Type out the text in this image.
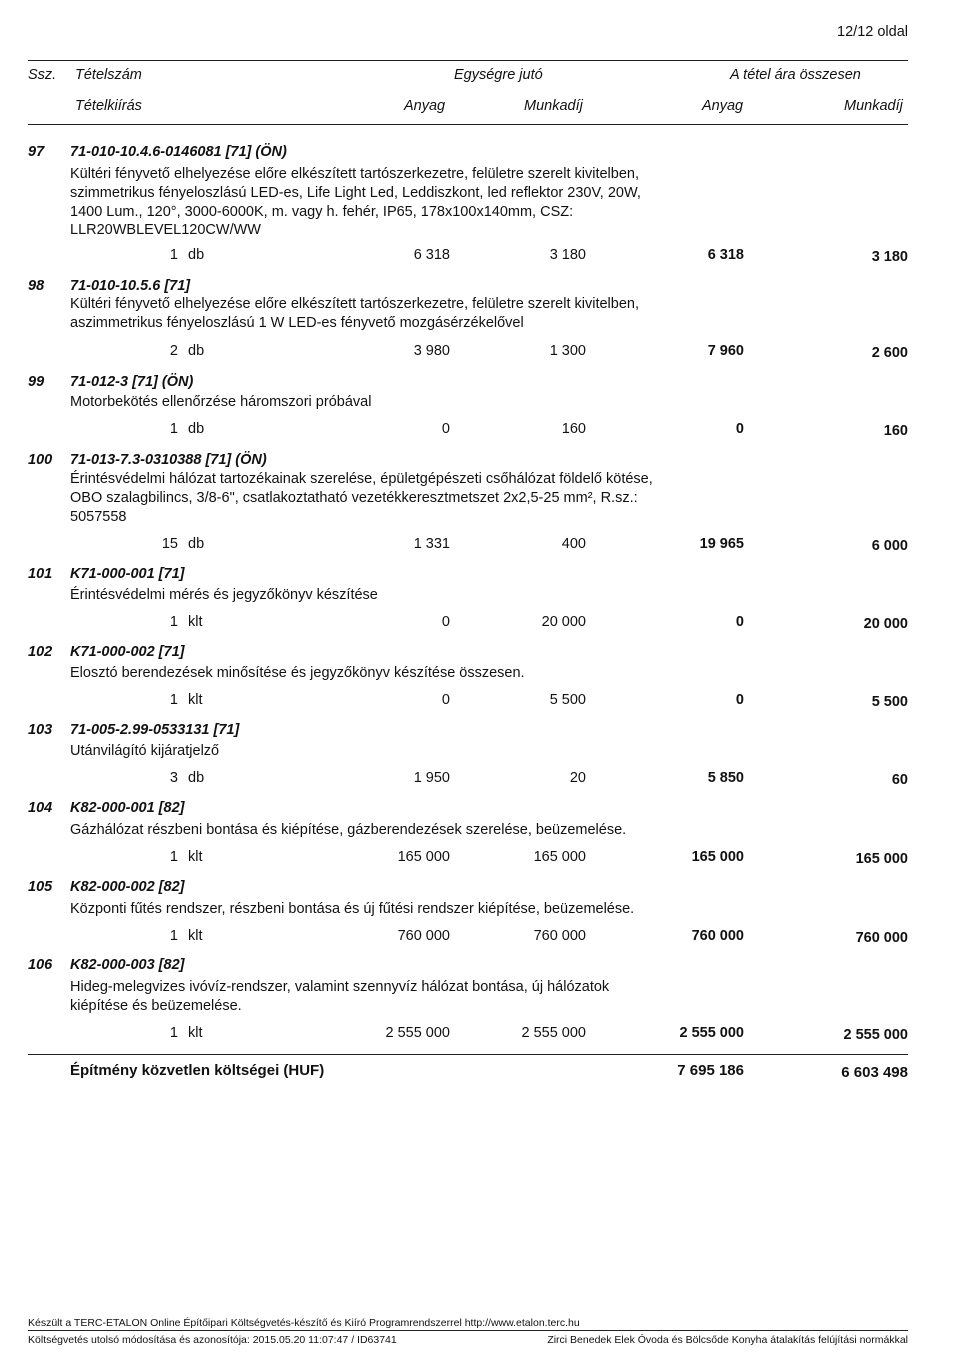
12/12 oldal
Ssz. Tételszám	Egységre jutó	A tétel ára összesen
Tételkiírás	Anyag	Munkadíj	Anyag	Munkadíj
97	71-010-10.4.6-0146081 [71] (ÖN)
Kültéri fényvető elhelyezése előre elkészített tartószerkezetre, felületre szerelt kivitelben, szimmetrikus fényeloszlású LED-es, Life Light Led, Leddiszkont, led reflektor 230V, 20W, 1400 Lum., 120°, 3000-6000K, m. vagy h. fehér, IP65, 178x100x140mm, CSZ: LLR20WBLEVEL120CW/WW
1 db	6 318	3 180	6 318	3 180
98	71-010-10.5.6 [71]
Kültéri fényvető elhelyezése előre elkészített tartószerkezetre, felületre szerelt kivitelben, aszimmetrikus fényeloszlású 1 W LED-es fényvető mozgásérzékelővel
2 db	3 980	1 300	7 960	2 600
99	71-012-3 [71] (ÖN)
Motorbekötés ellenőrzése háromszori próbával
1 db	0	160	0	160
100	71-013-7.3-0310388 [71] (ÖN)
Érintésvédelmi hálózat tartozékainak szerelése, épületgépészeti csőhálózat földelő kötése, OBO szalagbilincs, 3/8-6", csatlakoztatható vezetékkeresztmetszet 2x2,5-25 mm², R.sz.: 5057558
15 db	1 331	400	19 965	6 000
101	K71-000-001 [71]
Érintésvédelmi mérés és jegyzőkönyv készítése
1 klt	0	20 000	0	20 000
102	K71-000-002 [71]
Elosztó berendezések minősítése és jegyzőkönyv készítése összesen.
1 klt	0	5 500	0	5 500
103	71-005-2.99-0533131 [71]
Utánvilágító kijáratjelző
3 db	1 950	20	5 850	60
104	K82-000-001 [82]
Gázhálózat részbeni bontása és kiépítése, gázberendezések szerelése, beüzemelése.
1 klt	165 000	165 000	165 000	165 000
105	K82-000-002 [82]
Központi fűtés rendszer, részbeni bontása és új fűtési rendszer kiépítése, beüzemelése.
1 klt	760 000	760 000	760 000	760 000
106	K82-000-003 [82]
Hideg-melegvizes ivóvíz-rendszer, valamint szennyvíz hálózat bontása, új hálózatok kiépítése és beüzemelése.
1 klt	2 555 000	2 555 000	2 555 000	2 555 000
Építmény közvetlen költségei (HUF)	7 695 186	6 603 498
Készült a TERC-ETALON Online Építőipari Költségvetés-készítő és Kiíró Programrendszerrel http://www.etalon.terc.hu
Költségvetés utolsó módosítása és azonosítója: 2015.05.20 11:07:47 / ID63741	Zirci Benedek Elek Óvoda és Bölcsőde Konyha átalakítás felújítási normákkal
